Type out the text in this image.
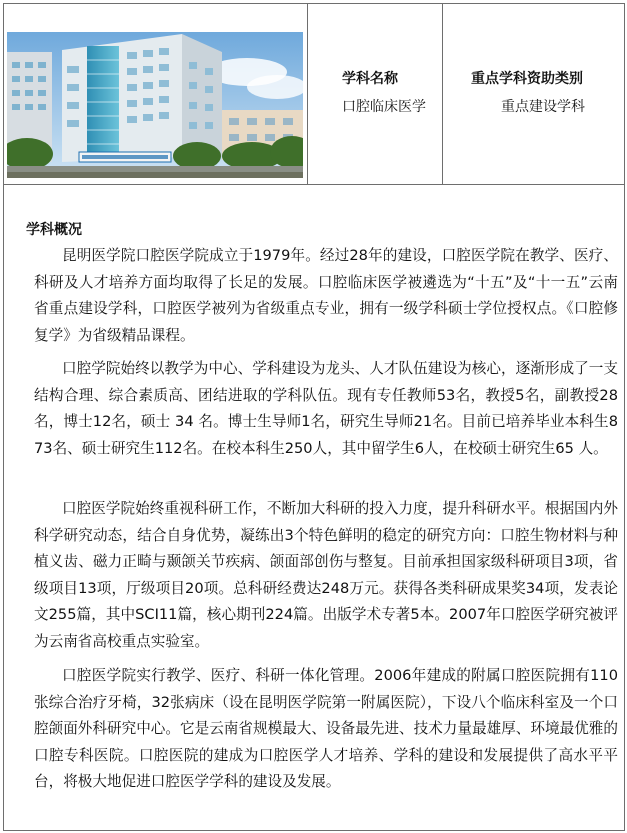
学科名称
口腔临床医学
重点学科资助类别
重点建设学科
学科概况

昆明医学院口腔医学院成立于1979年。经过28年的建设，口腔医学院在教学、医疗、科研及人才培养方面均取得了长足的发展。口腔临床医学被遴选为“十五”及“十一五”云南省重点建设学科，口腔医学被列为省级重点专业，拥有一级学科硕士学位授权点。《口腔修复学》为省级精品课程。

口腔学院始终以教学为中心、学科建设为龙头、人才队伍建设为核心，逐渐形成了一支结构合理、综合素质高、团结进取的学科队伍。现有专任教师53名，教授5名，副教授28名，博士12名，硕士 34 名。博士生导师1名，研究生导师21名。目前已培养毕业本科生873名、硕士研究生112名。在校本科生250人，其中留学生6人，在校硕士研究生65 人。

口腔医学院始终重视科研工作，不断加大科研的投入力度，提升科研水平。根据国内外科学研究动态，结合自身优势，凝练出3个特色鲜明的稳定的研究方向：口腔生物材料与种植义齿、磁力正畸与颞颌关节疾病、颌面部创伤与整复。目前承担国家级科研项目3项，省级项目13项，厅级项目20项。总科研经费达248万元。获得各类科研成果奖34项，发表论文255篇，其中SCI11篇，核心期刊224篇。出版学术专著5本。2007年口腔医学研究被评为云南省高校重点实验室。

口腔医学院实行教学、医疗、科研一体化管理。2006年建成的附属口腔医院拥有110张综合治疗牙椅，32张病床（设在昆明医学院第一附属医院），下设八个临床科室及一个口腔颌面外科研究中心。它是云南省规模最大、设备最先进、技术力量最雄厚、环境最优雅的口腔专科医院。口腔医院的建成为口腔医学人才培养、学科的建设和发展提供了高水平平台，将极大地促进口腔医学学科的建设及发展。
